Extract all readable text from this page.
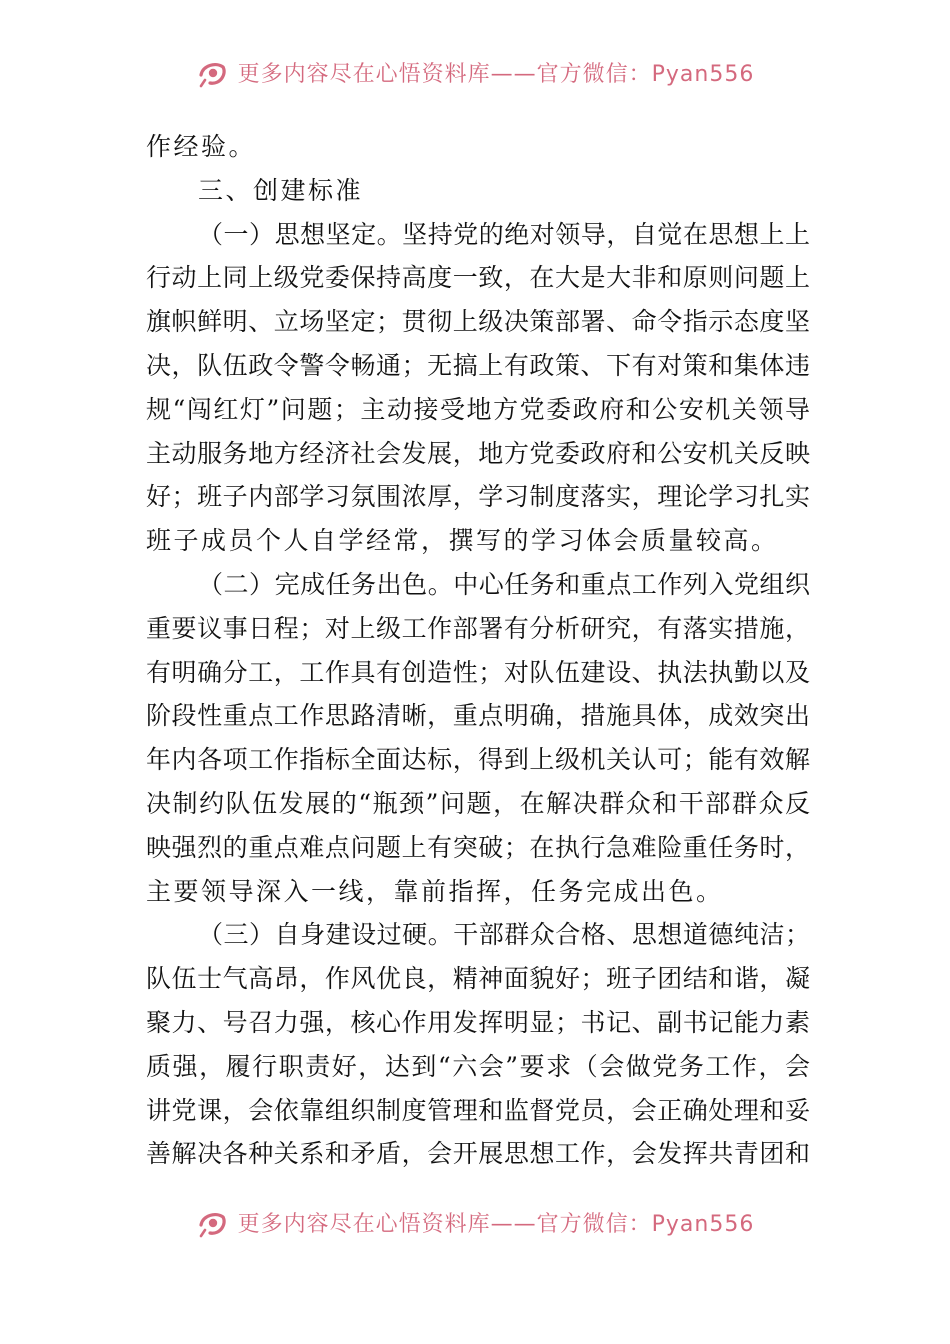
更多内容尽在心悟资料库——官方微信：Pyan556
作经验。
三、创建标准
（一）思想坚定。坚持党的绝对领导，自觉在思想上上
行动上同上级党委保持高度一致，在大是大非和原则问题上
旗帜鲜明、立场坚定；贯彻上级决策部署、命令指示态度坚
决，队伍政令警令畅通；无搞上有政策、下有对策和集体违
规“闯红灯”问题；主动接受地方党委政府和公安机关领导
主动服务地方经济社会发展，地方党委政府和公安机关反映
好；班子内部学习氛围浓厚，学习制度落实，理论学习扎实
班子成员个人自学经常，撰写的学习体会质量较高。
（二）完成任务出色。中心任务和重点工作列入党组织
重要议事日程；对上级工作部署有分析研究，有落实措施，
有明确分工，工作具有创造性；对队伍建设、执法执勤以及
阶段性重点工作思路清晰，重点明确，措施具体，成效突出
年内各项工作指标全面达标，得到上级机关认可；能有效解
决制约队伍发展的“瓶颈”问题，在解决群众和干部群众反
映强烈的重点难点问题上有突破；在执行急难险重任务时，
主要领导深入一线，靠前指挥，任务完成出色。
（三）自身建设过硬。干部群众合格、思想道德纯洁；
队伍士气高昂，作风优良，精神面貌好；班子团结和谐，凝
聚力、号召力强，核心作用发挥明显；书记、副书记能力素
质强，履行职责好，达到“六会”要求（会做党务工作，会
讲党课，会依靠组织制度管理和监督党员，会正确处理和妥
善解决各种关系和矛盾，会开展思想工作，会发挥共青团和
更多内容尽在心悟资料库——官方微信：Pyan556
